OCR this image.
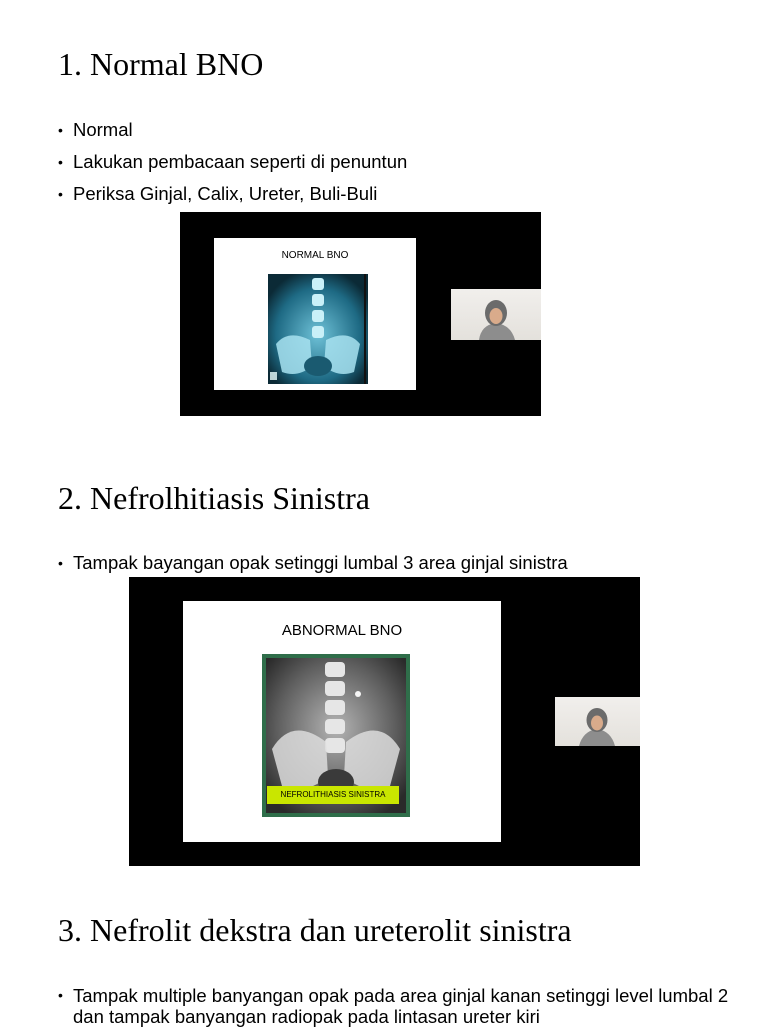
1. Normal BNO
• Normal
• Lakukan pembacaan seperti di penuntun
• Periksa Ginjal, Calix, Ureter, Buli-Buli
NORMAL BNO
2. Nefrolhitiasis Sinistra
• Tampak bayangan opak setinggi lumbal 3 area ginjal sinistra
ABNORMAL BNO
NEFROLITHIASIS SINISTRA
3. Nefrolit dekstra dan ureterolit sinistra
• Tampak multiple banyangan opak pada area ginjal kanan setinggi level lumbal 2 dan tampak banyangan radiopak pada lintasan ureter kiri
